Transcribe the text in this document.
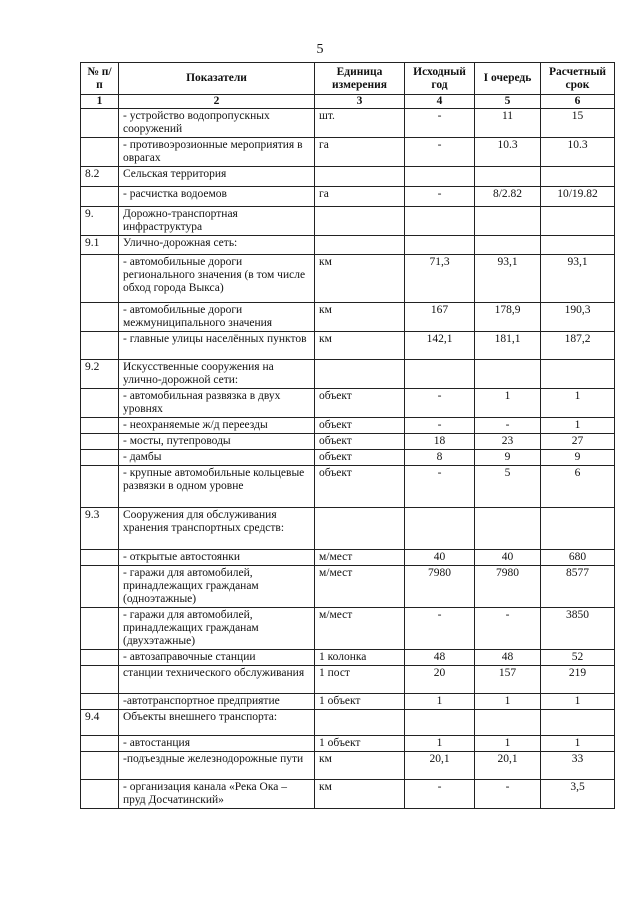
5
№ п/п	Показатели	Единица измерения	Исходный год	I очередь	Расчетный срок
1	2	3	4	5	6
	- устройство водопропускных сооружений	шт.	-	11	15
	- противоэрозионные мероприятия в оврагах	га	-	10.3	10.3
8.2	Сельская территория				
	- расчистка водоемов	га	-	8/2.82	10/19.82
9.	Дорожно-транспортная инфраструктура				
9.1	Улично-дорожная сеть:				
	- автомобильные дороги регионального значения (в том числе обход города Выкса)	км	71,3	93,1	93,1
	- автомобильные дороги межмуниципального значения	км	167	178,9	190,3
	- главные улицы населённых пунктов	км	142,1	181,1	187,2
9.2	Искусственные сооружения на улично-дорожной сети:				
	- автомобильная развязка в двух уровнях	объект	-	1	1
	- неохраняемые ж/д переезды	объект	-	-	1
	- мосты, путепроводы	объект	18	23	27
	- дамбы	объект	8	9	9
	- крупные автомобильные кольцевые развязки в одном уровне	объект	-	5	6
9.3	Сооружения для обслуживания хранения транспортных средств:				
	- открытые автостоянки	м/мест	40	40	680
	- гаражи для автомобилей, принадлежащих гражданам (одноэтажные)	м/мест	7980	7980	8577
	- гаражи для автомобилей, принадлежащих гражданам (двухэтажные)	м/мест	-	-	3850
	- автозаправочные станции	1 колонка	48	48	52
	станции технического обслуживания	1 пост	20	157	219
	-автотранспортное предприятие	1 объект	1	1	1
9.4	Объекты внешнего транспорта:				
	- автостанция	1 объект	1	1	1
	-подъездные железнодорожные пути	км	20,1	20,1	33
	- организация канала «Река Ока – пруд Досчатинский»	км	-	-	3,5
